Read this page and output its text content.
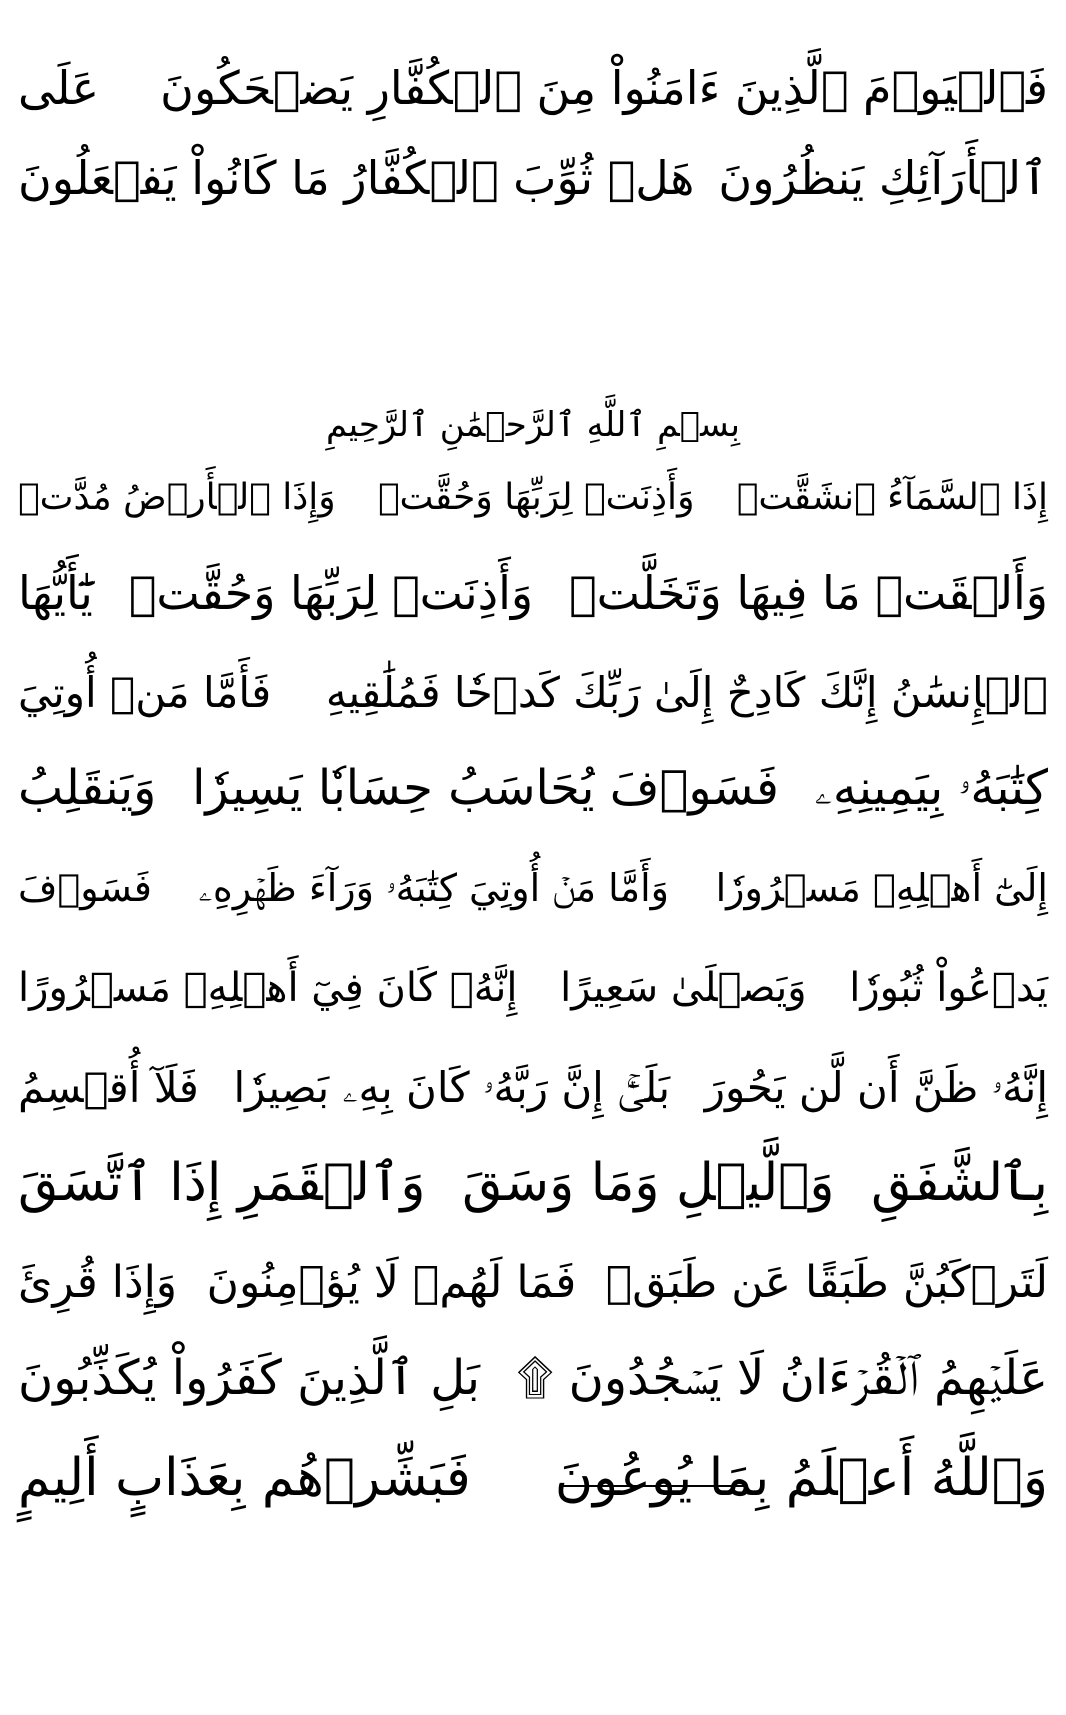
فَٱلۡيَوۡمَ ٱلَّذِينَ ءَامَنُواْ مِنَ ٱلۡكُفَّارِ يَضۡحَكُونَ
عَلَى
ٱلۡأَرَآئِكِ يَنظُرُونَ
هَلۡ ثُوِّبَ ٱلۡكُفَّارُ مَا كَانُواْ يَفۡعَلُونَ
بِسۡمِ ٱللَّهِ ٱلرَّحۡمَٰنِ ٱلرَّحِيمِ
إِذَا ٱلسَّمَآءُ ٱنشَقَّتۡ
وَأَذِنَتۡ لِرَبِّهَا وَحُقَّتۡ
وَإِذَا ٱلۡأَرۡضُ مُدَّتۡ
وَأَلۡقَتۡ مَا فِيهَا وَتَخَلَّتۡ
وَأَذِنَتۡ لِرَبِّهَا وَحُقَّتۡ
يَٰٓأَيُّهَا
ٱلۡإِنسَٰنُ إِنَّكَ كَادِحٌ إِلَىٰ رَبِّكَ كَدۡحٗا فَمُلَٰقِيهِ
فَأَمَّا مَنۡ أُوتِيَ
كِتَٰبَهُۥ بِيَمِينِهِۦ
فَسَوۡفَ يُحَاسَبُ حِسَابٗا يَسِيرٗا
وَيَنقَلِبُ
إِلَىٰٓ أَهۡلِهِۦ مَسۡرُورٗا
وَأَمَّا مَنۡ أُوتِيَ كِتَٰبَهُۥ وَرَآءَ ظَهۡرِهِۦ
فَسَوۡفَ
يَدۡعُواْ ثُبُورٗا
وَيَصۡلَىٰ سَعِيرًا
إِنَّهُۥ كَانَ فِيٓ أَهۡلِهِۦ مَسۡرُورًا
إِنَّهُۥ ظَنَّ أَن لَّن يَحُورَ
بَلَىٰٓۚ إِنَّ رَبَّهُۥ كَانَ بِهِۦ بَصِيرٗا
فَلَآ أُقۡسِمُ
بِٱلشَّفَقِ
وَٱلَّيۡلِ وَمَا وَسَقَ
وَٱلۡقَمَرِ إِذَا ٱتَّسَقَ
لَتَرۡكَبُنَّ طَبَقًا عَن طَبَقٖ
فَمَا لَهُمۡ لَا يُؤۡمِنُونَ
وَإِذَا قُرِئَ
عَلَيۡهِمُ ٱلۡقُرۡءَانُ لَا يَسۡجُدُونَ ۩
بَلِ ٱلَّذِينَ كَفَرُواْ يُكَذِّبُونَ
وَٱللَّهُ أَعۡلَمُ بِمَا يُوعُونَ
فَبَشِّرۡهُم بِعَذَابٍ أَلِيمٍ
